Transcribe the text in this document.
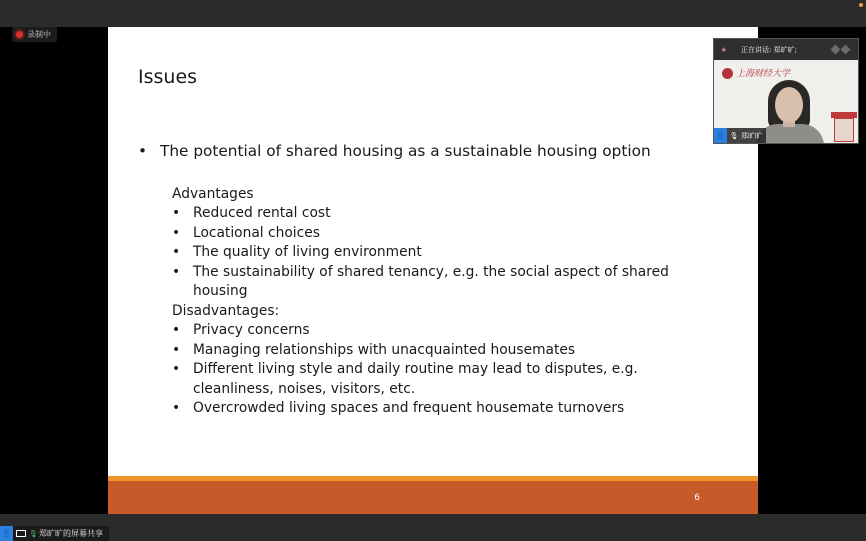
录制中
Issues
• The potential of shared housing as a sustainable housing option
Advantages
• Reduced rental cost
• Locational choices
• The quality of living environment
• The sustainability of shared tenancy, e.g. the social aspect of shared housing
Disadvantages:
• Privacy concerns
• Managing relationships with unacquainted housemates
• Different living style and daily routine may lead to disputes, e.g. cleanliness, noises, visitors, etc.
• Overcrowded living spaces and frequent housemate turnovers
6
✦	正在讲话: 郑旷旷;
上海财经大学
👤 🎙 郑旷旷
👤	🎙 郑旷旷的屏幕共享
